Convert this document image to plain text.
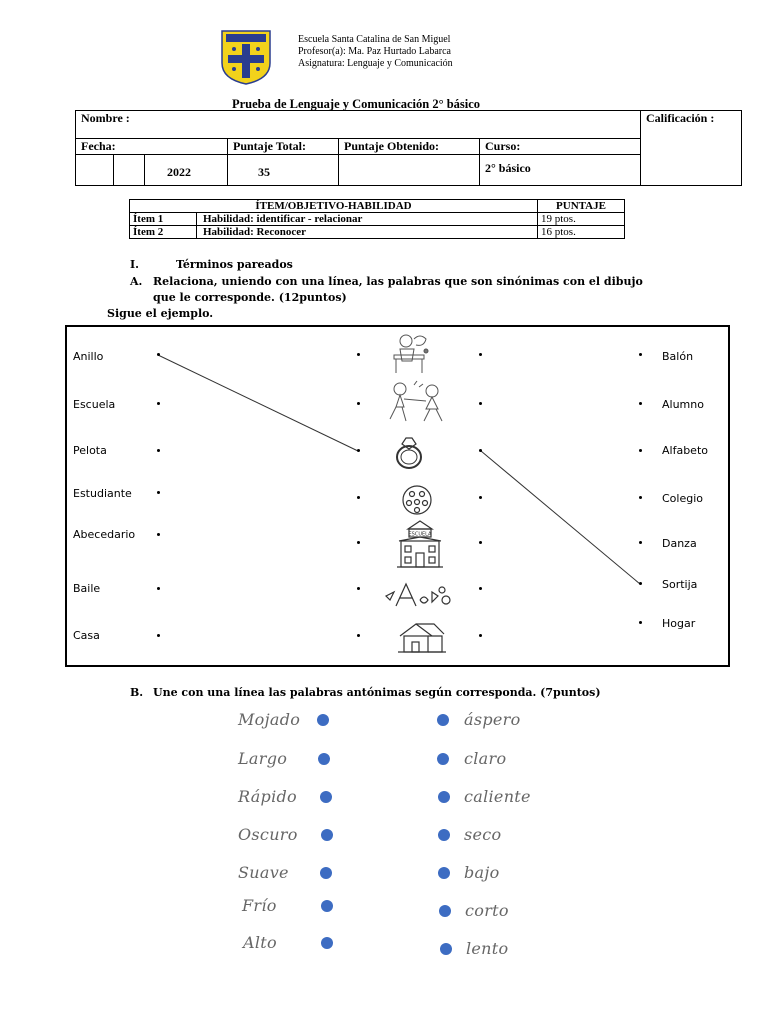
Escuela Santa Catalina de San Miguel
Profesor(a): Ma. Paz Hurtado Labarca
Asignatura: Lenguaje y Comunicación
Prueba de Lenguaje y Comunicación 2° básico
Nombre :				Calificación :
Fecha:	Puntaje Total:	Puntaje Obtenido:	Curso:	

2022	35		2° básico	
ÍTEM/OBJETIVO-HABILIDAD		PUNTAJE
Ítem 1	Habilidad: identificar - relacionar	19 ptos.
Ítem 2	Habilidad: Reconocer	16 ptos.
I.	Términos pareados
A. Relaciona, uniendo con una línea, las palabras que son sinónimas con el dibujo
que le corresponde. (12puntos)
Sigue el ejemplo.
Anillo
Escuela
Pelota
Estudiante
Abecedario
Baile
Casa
Balón
Alumno
Alfabeto
Colegio
Danza
Sortija
Hogar
ESCUELA
B. Une con una línea las palabras antónimas según corresponda. (7puntos)
Mojado
Largo
Rápido
Oscuro
Suave
Frío
Alto
áspero
claro
caliente
seco
bajo
corto
lento
